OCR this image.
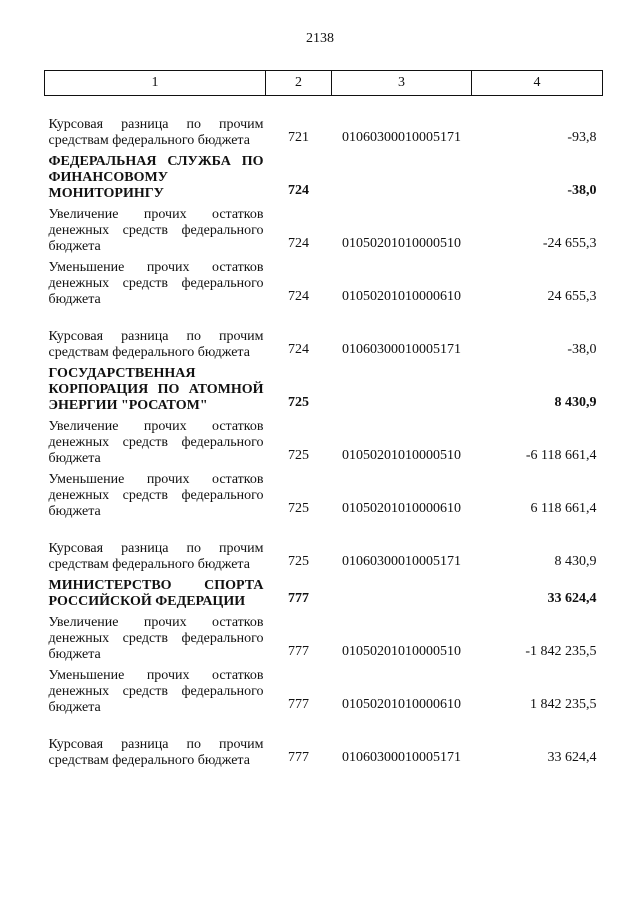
2138
1	2	3	4
Курсовая разница по прочим средствам федерального бюджета	721	01060300010005171	-93,8
ФЕДЕРАЛЬНАЯ СЛУЖБА ПО ФИНАНСОВОМУ МОНИТОРИНГУ	724		-38,0
Увеличение прочих остатков денежных средств федерального бюджета	724	01050201010000510	-24 655,3
Уменьшение прочих остатков денежных средств федерального бюджета	724	01050201010000610	24 655,3
Курсовая разница по прочим средствам федерального бюджета	724	01060300010005171	-38,0
ГОСУДАРСТВЕННАЯ КОРПОРАЦИЯ ПО АТОМНОЙ ЭНЕРГИИ "РОСАТОМ"	725		8 430,9
Увеличение прочих остатков денежных средств федерального бюджета	725	01050201010000510	-6 118 661,4
Уменьшение прочих остатков денежных средств федерального бюджета	725	01050201010000610	6 118 661,4
Курсовая разница по прочим средствам федерального бюджета	725	01060300010005171	8 430,9
МИНИСТЕРСТВО СПОРТА РОССИЙСКОЙ ФЕДЕРАЦИИ	777		33 624,4
Увеличение прочих остатков денежных средств федерального бюджета	777	01050201010000510	-1 842 235,5
Уменьшение прочих остатков денежных средств федерального бюджета	777	01050201010000610	1 842 235,5
Курсовая разница по прочим средствам федерального бюджета	777	01060300010005171	33 624,4
